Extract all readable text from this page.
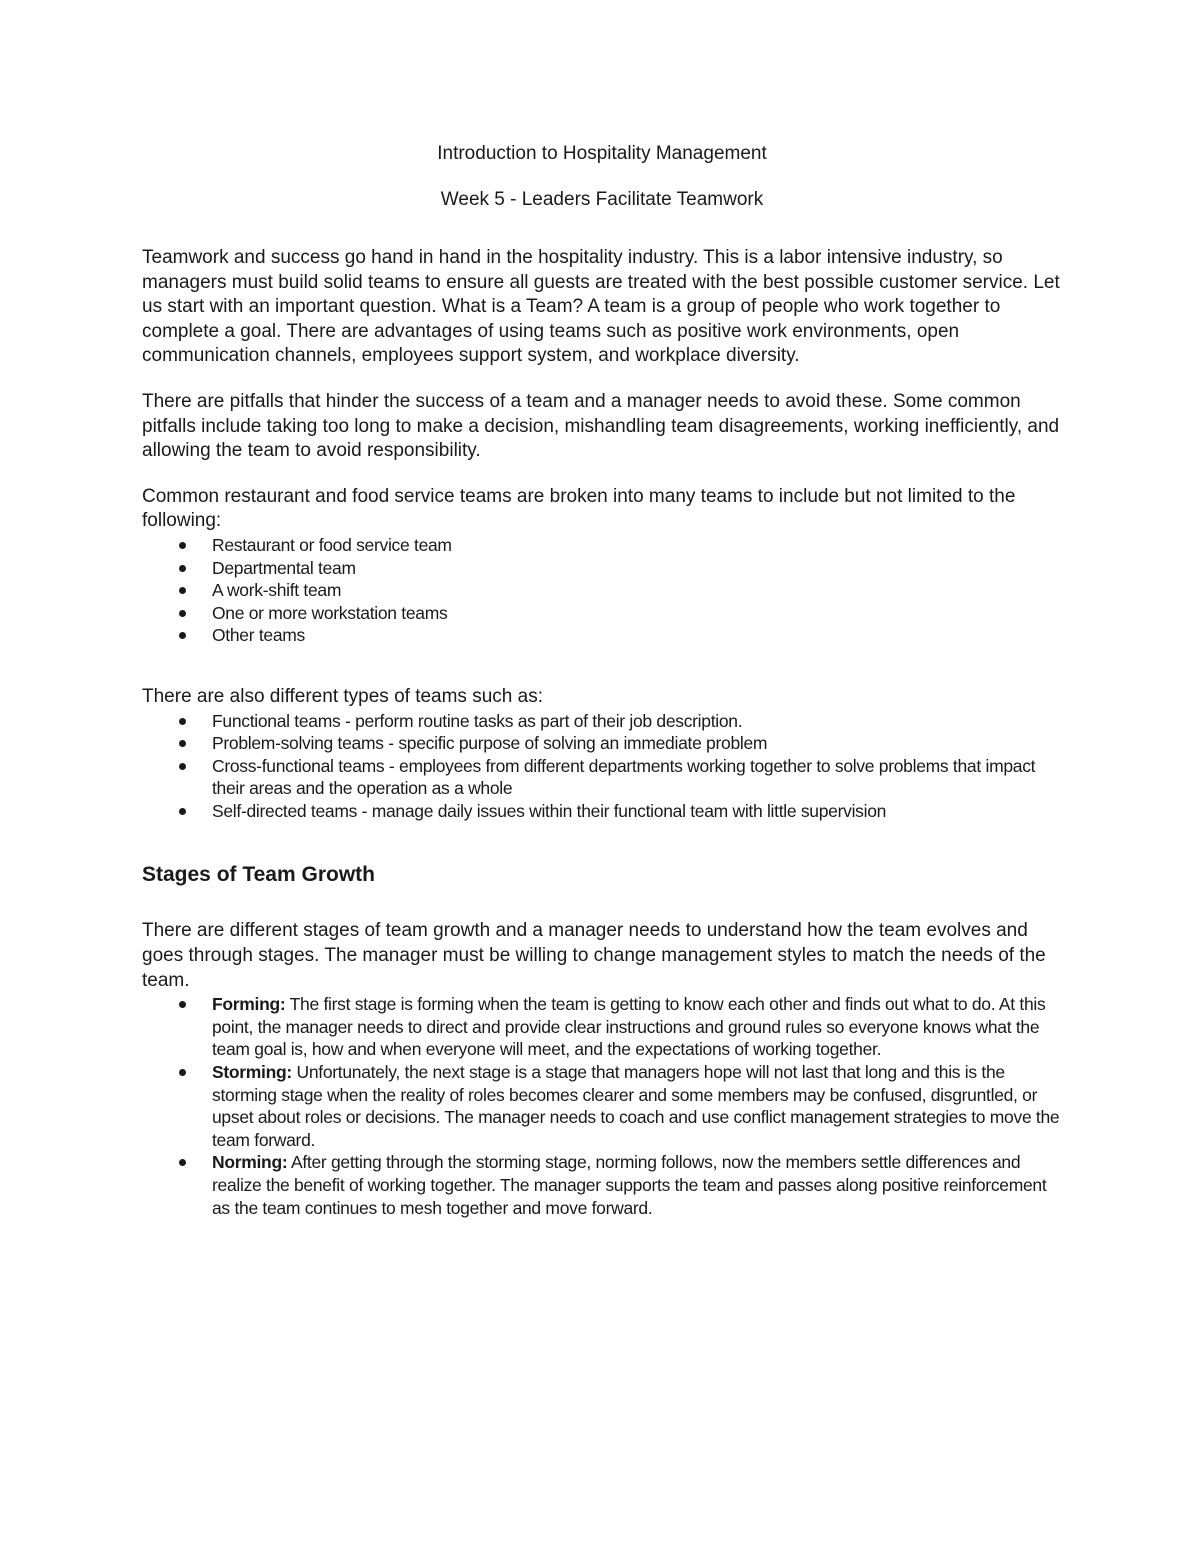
Introduction to Hospitality Management
Week 5 - Leaders Facilitate Teamwork

Teamwork and success go hand in hand in the hospitality industry. This is a labor intensive industry, so managers must build solid teams to ensure all guests are treated with the best possible customer service. Let us start with an important question. What is a Team? A team is a group of people who work together to complete a goal. There are advantages of using teams such as positive work environments, open communication channels, employees support system, and workplace diversity.

There are pitfalls that hinder the success of a team and a manager needs to avoid these. Some common pitfalls include taking too long to make a decision, mishandling team disagreements, working inefficiently, and allowing the team to avoid responsibility.

Common restaurant and food service teams are broken into many teams to include but not limited to the following:

Restaurant or food service team
Departmental team
A work-shift team
One or more workstation teams
Other teams

There are also different types of teams such as:

Functional teams - perform routine tasks as part of their job description.
Problem-solving teams - specific purpose of solving an immediate problem
Cross-functional teams - employees from different departments working together to solve problems that impact their areas and the operation as a whole
Self-directed teams - manage daily issues within their functional team with little supervision
Stages of Team Growth

There are different stages of team growth and a manager needs to understand how the team evolves and goes through stages. The manager must be willing to change management styles to match the needs of the team.

Forming: The first stage is forming when the team is getting to know each other and finds out what to do. At this point, the manager needs to direct and provide clear instructions and ground rules so everyone knows what the team goal is, how and when everyone will meet, and the expectations of working together.
Storming: Unfortunately, the next stage is a stage that managers hope will not last that long and this is the storming stage when the reality of roles becomes clearer and some members may be confused, disgruntled, or upset about roles or decisions. The manager needs to coach and use conflict management strategies to move the team forward.
Norming: After getting through the storming stage, norming follows, now the members settle differences and realize the benefit of working together. The manager supports the team and passes along positive reinforcement as the team continues to mesh together and move forward.
